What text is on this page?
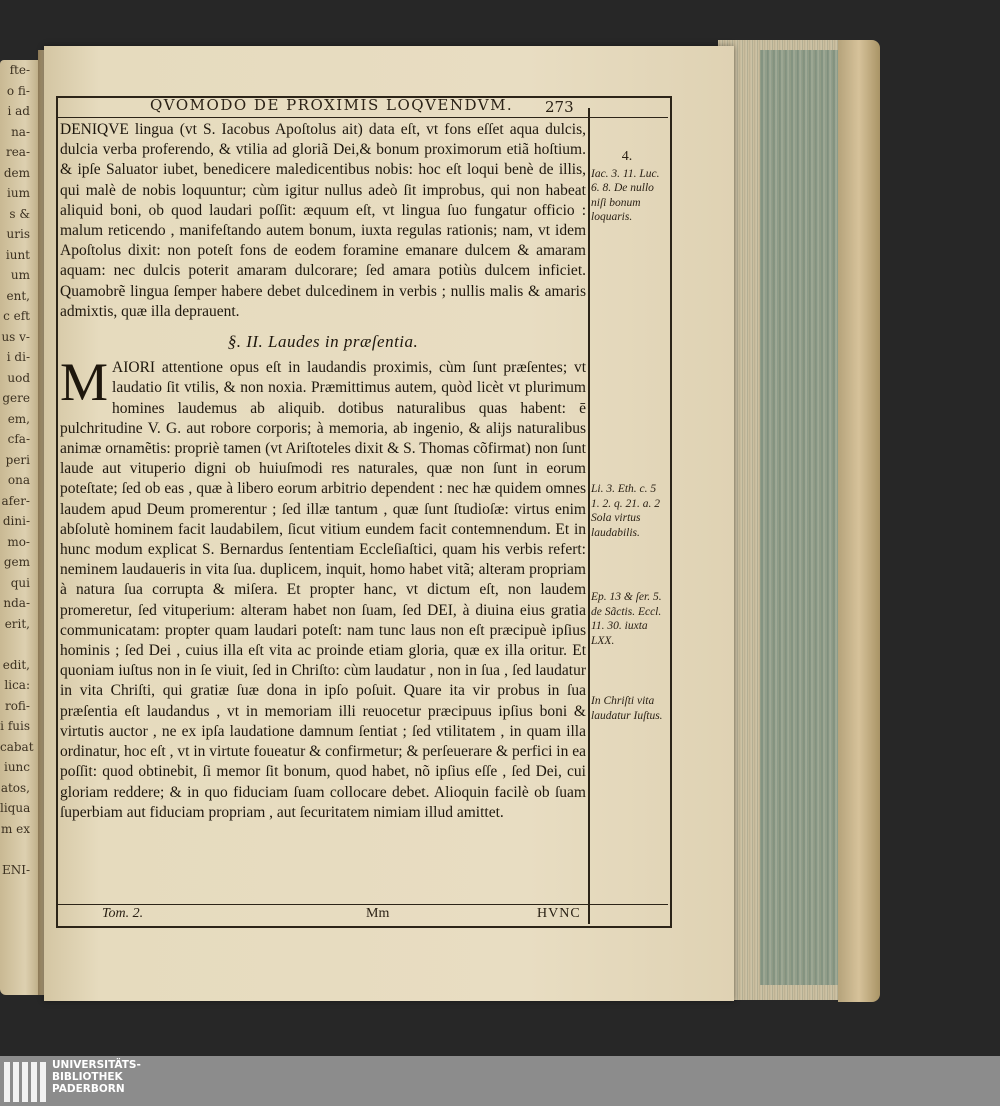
fte-
o fi-
i ad
na-
rea-
dem
ium
s &
uris
iunt
um
ent,
c eft
us v-
i di-
uod
gere
em,
cfa-
peri
ona
afer-
dini-
mo-
gem
qui
nda-
erit,
edit,
lica:
rofi-
i fuis
cabat
iunc
atos,
liqua
m ex
ENI-
QVOMODO DE PROXIMIS LOQVENDVM.	273

DENIQVE lingua (vt S. Iacobus Apoſtolus ait) data eſt, vt fons eſſet aqua dulcis, dulcia verba proferendo, & vtilia ad gloriã Dei,& bonum proximorum etiã hoſtium. & ipſe Saluator iubet, benedicere maledicentibus nobis: hoc eſt loqui benè de illis, qui malè de nobis loquuntur; cùm igitur nullus adeò ſit improbus, qui non habeat aliquid boni, ob quod laudari poſſit: æquum eſt, vt lingua ſuo fungatur officio : malum reticendo , manifeſtando autem bonum, iuxta regulas rationis; nam, vt idem Apoſtolus dixit: non poteſt fons de eodem foramine emanare dulcem & amaram aquam: nec dulcis poterit amaram dulcorare; ſed amara potiùs dulcem inficiet. Quamobrẽ lingua ſemper habere debet dulcedinem in verbis ; nullis malis & amaris admixtis, quæ illa deprauent.

§. II. Laudes in præſentia.

MAIORI attentione opus eſt in laudandis proximis, cùm ſunt præſentes; vt laudatio ſit vtilis, & non noxia. Præmittimus autem, quòd licèt vt plurimum homines laudemus ab aliquib. dotibus naturalibus quas habent: ē pulchritudine V. G. aut robore corporis; à memoria, ab ingenio, & alijs naturalibus animæ ornamẽtis: propriè tamen (vt Ariſtoteles dixit & S. Thomas cõfirmat) non ſunt laude aut vituperio digni ob huiuſmodi res naturales, quæ non ſunt in eorum poteſtate; ſed ob eas , quæ à libero eorum arbitrio dependent : nec hæ quidem omnes laudem apud Deum promerentur ; ſed illæ tantum , quæ ſunt ſtudioſæ: virtus enim abſolutè hominem facit laudabilem, ſicut vitium eundem facit contemnendum. Et in hunc modum explicat S. Bernardus ſententiam Eccleſiaſtici, quam his verbis refert: neminem laudaueris in vita ſua. duplicem, inquit, homo habet vitã; alteram propriam à natura ſua corrupta & miſera. Et propter hanc, vt dictum eſt, non laudem promeretur, ſed vituperium: alteram habet non ſuam, ſed DEI, à diuina eius gratia communicatam: propter quam laudari poteſt: nam tunc laus non eſt præcipuè ipſius hominis ; ſed Dei , cuius illa eſt vita ac proinde etiam gloria, quæ ex illa oritur. Et quoniam iuſtus non in ſe viuit, ſed in Chriſto: cùm laudatur , non in ſua , ſed laudatur in vita Chriſti, qui gratiæ ſuæ dona in ipſo poſuit. Quare ita vir probus in ſua præſentia eſt laudandus , vt in memoriam illi reuocetur præcipuus ipſius boni & virtutis auctor , ne ex ipſa laudatione damnum ſentiat ; ſed vtilitatem , in quam illa ordinatur, hoc eſt , vt in virtute foueatur & confirmetur; & perſeuerare & perfici in ea poſſit: quod obtinebit, ſi memor ſit bonum, quod habet, nõ ipſius eſſe , ſed Dei, cui gloriam reddere; & in quo fiduciam ſuam collocare debet. Alioquin facilè ob ſuam ſuperbiam aut fiduciam propriam , aut ſecuritatem nimiam illud amittet.

4.
Iac. 3. 11. Luc. 6. 8. De nullo niſi bonum loquaris.
Li. 3. Eth. c. 5 1. 2. q. 21. a. 2 Sola virtus laudabilis.
Ep. 13 & ſer. 5. de Sãctis. Eccl. 11. 30. iuxta LXX.
In Chriſti vita laudatur Iuſtus.
Tom. 2.	Mm	HVNC
UNIVERSITÄTS-
BIBLIOTHEK
PADERBORN
